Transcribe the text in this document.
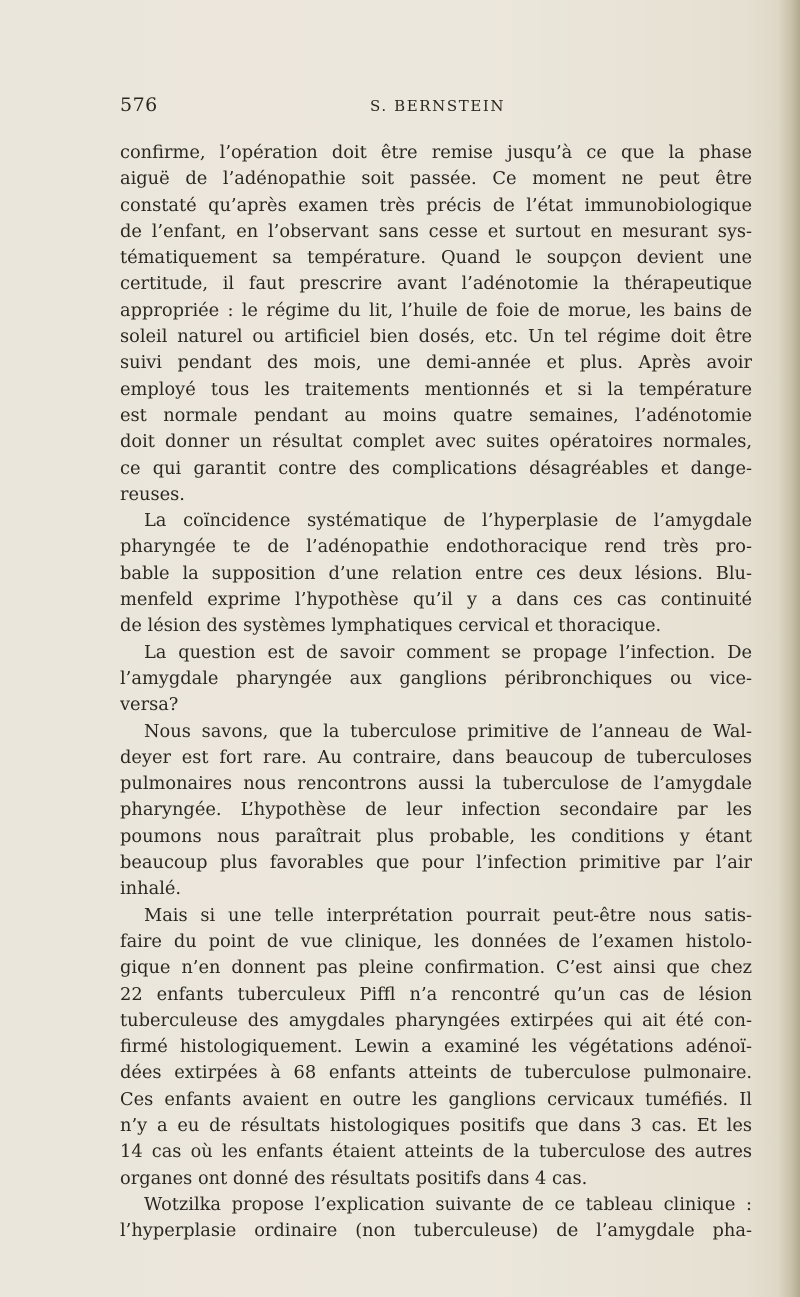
576	S. BERNSTEIN
confirme, l’opération doit être remise jusqu’à ce que la phase
aiguë de l’adénopathie soit passée. Ce moment ne peut être
constaté qu’après examen très précis de l’état immunobiologique
de l’enfant, en l’observant sans cesse et surtout en mesurant sys-
tématiquement sa température. Quand le soupçon devient une
certitude, il faut prescrire avant l’adénotomie la thérapeutique
appropriée : le régime du lit, l’huile de foie de morue, les bains de
soleil naturel ou artificiel bien dosés, etc. Un tel régime doit être
suivi pendant des mois, une demi-année et plus. Après avoir
employé tous les traitements mentionnés et si la température
est normale pendant au moins quatre semaines, l’adénotomie
doit donner un résultat complet avec suites opératoires normales,
ce qui garantit contre des complications désagréables et dange-
reuses.
La coïncidence systématique de l’hyperplasie de l’amygdale
pharyngée te de l’adénopathie endothoracique rend très pro-
bable la supposition d’une relation entre ces deux lésions. Blu-
menfeld exprime l’hypothèse qu’il y a dans ces cas continuité
de lésion des systèmes lymphatiques cervical et thoracique.
La question est de savoir comment se propage l’infection. De
l’amygdale pharyngée aux ganglions péribronchiques ou vice-
versa?
Nous savons, que la tuberculose primitive de l’anneau de Wal-
deyer est fort rare. Au contraire, dans beaucoup de tuberculoses
pulmonaires nous rencontrons aussi la tuberculose de l’amygdale
pharyngée. L’hypothèse de leur infection secondaire par les
poumons nous paraîtrait plus probable, les conditions y étant
beaucoup plus favorables que pour l’infection primitive par l’air
inhalé.
Mais si une telle interprétation pourrait peut-être nous satis-
faire du point de vue clinique, les données de l’examen histolo-
gique n’en donnent pas pleine confirmation. C’est ainsi que chez
22 enfants tuberculeux Piffl n’a rencontré qu’un cas de lésion
tuberculeuse des amygdales pharyngées extirpées qui ait été con-
firmé histologiquement. Lewin a examiné les végétations adénoï-
dées extirpées à 68 enfants atteints de tuberculose pulmonaire.
Ces enfants avaient en outre les ganglions cervicaux tuméfiés. Il
n’y a eu de résultats histologiques positifs que dans 3 cas. Et les
14 cas où les enfants étaient atteints de la tuberculose des autres
organes ont donné des résultats positifs dans 4 cas.
Wotzilka propose l’explication suivante de ce tableau clinique :
l’hyperplasie ordinaire (non tuberculeuse) de l’amygdale pha-
